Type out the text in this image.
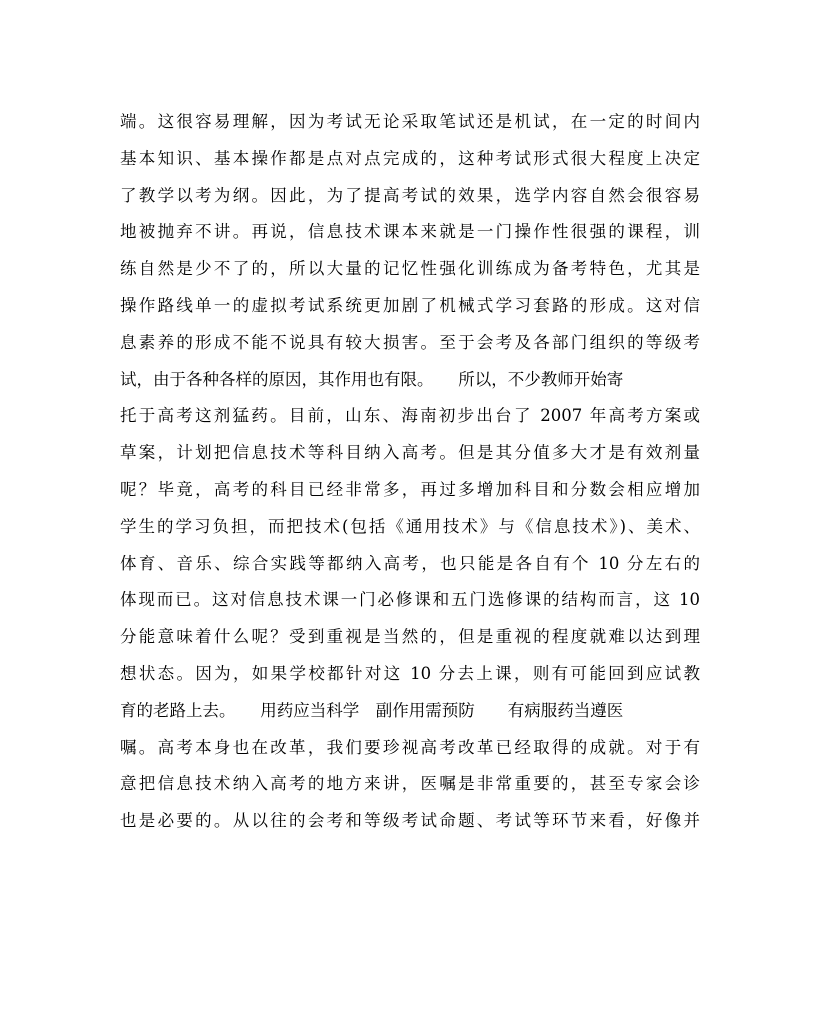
端。这很容易理解，因为考试无论采取笔试还是机试，在一定的时间内
基本知识、基本操作都是点对点完成的，这种考试形式很大程度上决定
了教学以考为纲。因此，为了提高考试的效果，选学内容自然会很容易
地被抛弃不讲。再说，信息技术课本来就是一门操作性很强的课程，训
练自然是少不了的，所以大量的记忆性强化训练成为备考特色，尤其是
操作路线单一的虚拟考试系统更加剧了机械式学习套路的形成。这对信
息素养的形成不能不说具有较大损害。至于会考及各部门组织的等级考
试，由于各种各样的原因，其作用也有限。　　所以，不少教师开始寄
托于高考这剂猛药。目前，山东、海南初步出台了 2007 年高考方案或
草案，计划把信息技术等科目纳入高考。但是其分值多大才是有效剂量
呢？毕竟，高考的科目已经非常多，再过多增加科目和分数会相应增加
学生的学习负担，而把技术(包括《通用技术》与《信息技术》)、美术、
体育、音乐、综合实践等都纳入高考，也只能是各自有个 10 分左右的
体现而已。这对信息技术课一门必修课和五门选修课的结构而言，这 10
分能意味着什么呢？受到重视是当然的，但是重视的程度就难以达到理
想状态。因为，如果学校都针对这 10 分去上课，则有可能回到应试教
育的老路上去。　　用药应当科学　副作用需预防　　有病服药当遵医
嘱。高考本身也在改革，我们要珍视高考改革已经取得的成就。对于有
意把信息技术纳入高考的地方来讲，医嘱是非常重要的，甚至专家会诊
也是必要的。从以往的会考和等级考试命题、考试等环节来看，好像并
